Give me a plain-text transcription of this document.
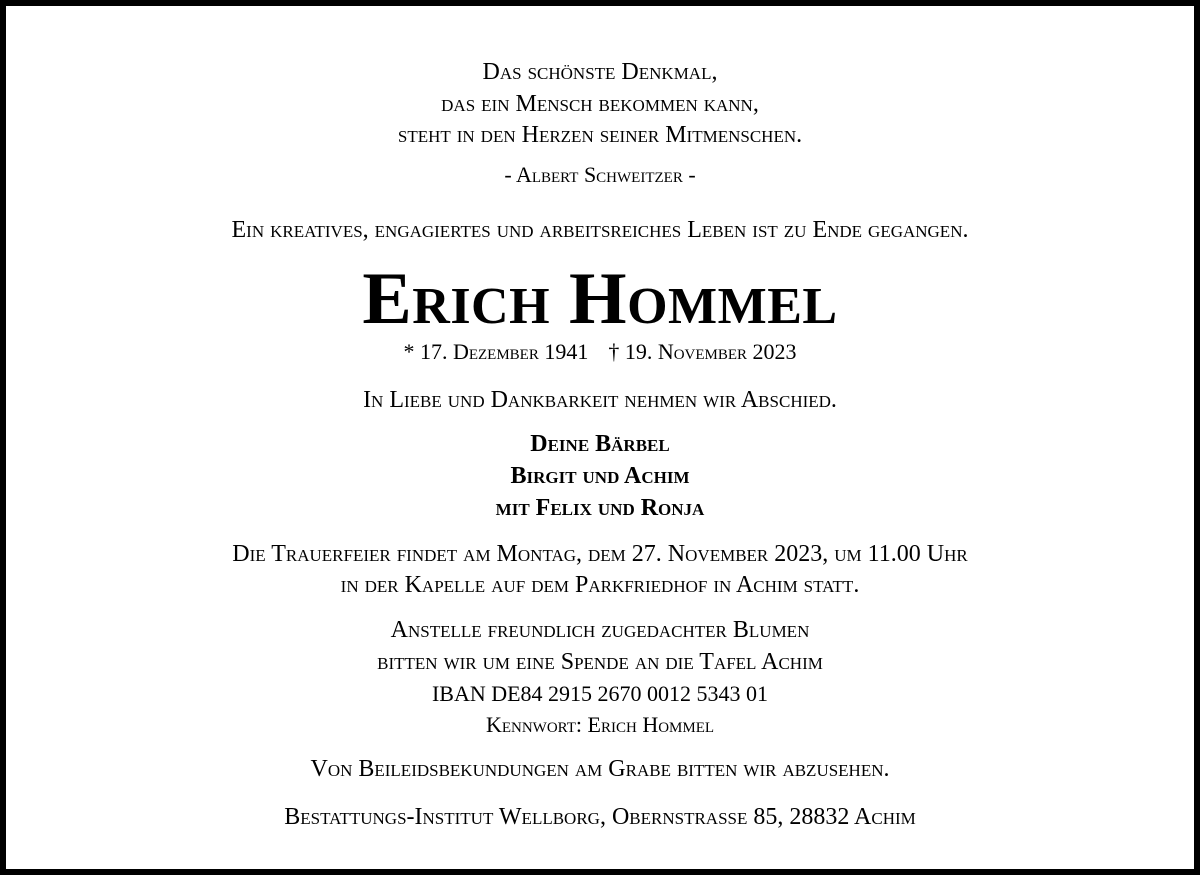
Das schönste Denkmal,
das ein Mensch bekommen kann,
steht in den Herzen seiner Mitmenschen.
- Albert Schweitzer -
Ein kreatives, engagiertes und arbeitsreiches Leben ist zu Ende gegangen.
Erich Hommel
* 17. Dezember 1941 † 19. November 2023
In Liebe und Dankbarkeit nehmen wir Abschied.
Deine Bärbel
Birgit und Achim
mit Felix und Ronja
Die Trauerfeier findet am Montag, dem 27. November 2023, um 11.00 Uhr
in der Kapelle auf dem Parkfriedhof in Achim statt.
Anstelle freundlich zugedachter Blumen
bitten wir um eine Spende an die Tafel Achim
IBAN DE84 2915 2670 0012 5343 01
Kennwort: Erich Hommel
Von Beileidsbekundungen am Grabe bitten wir abzusehen.
Bestattungs-Institut Wellborg, Obernstraße 85, 28832 Achim
